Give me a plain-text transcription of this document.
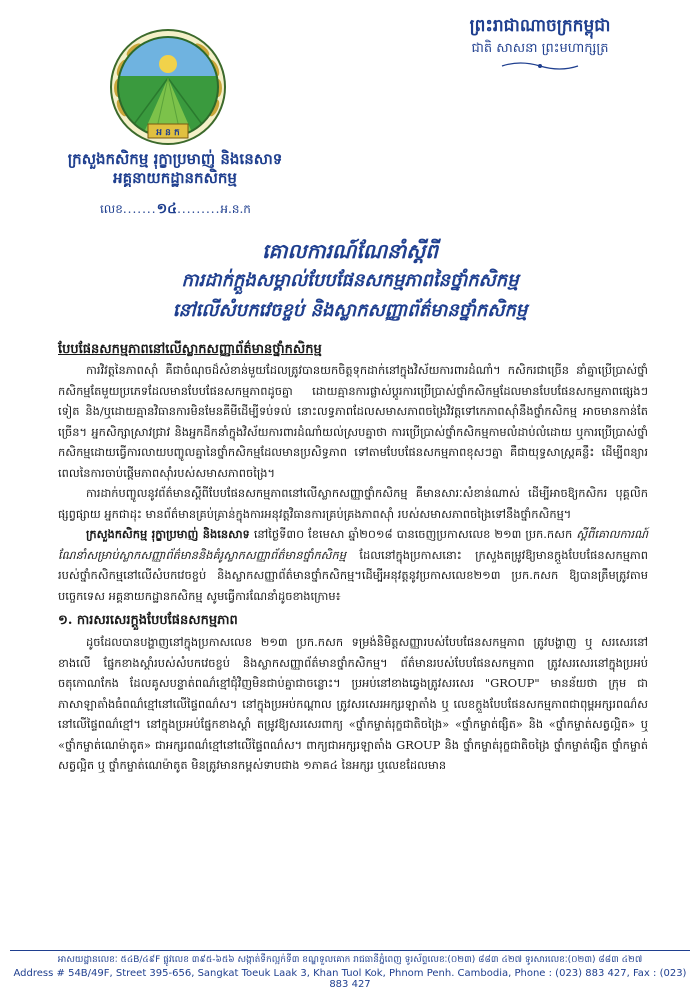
អ ន ក
ក្រសួងកសិកម្ម រុក្ខាប្រមាញ់ និងនេសាទ
អគ្គនាយកដ្ឋានកសិកម្ម
លេខ.......១៤.........អ.ន.ក
ព្រះរាជាណាចក្រកម្ពុជា
ជាតិ សាសនា ព្រះមហាក្សត្រ
គោលការណ៍ណែនាំស្តីពី
ការដាក់ក្ដួងសម្គាល់បែបផែនសកម្មភាពនៃថ្នាំកសិកម្ម
នៅលើសំបកវេចខ្ចប់ និងស្លាកសញ្ញាព័ត៌មានថ្នាំកសិកម្ម
បែបផែនសកម្មភាពនៅលើស្លាកសញ្ញាព័ត៌មានថ្នាំកសិកម្ម

ការវិវត្តនៃភាពស៊ាំ គឺជាចំណុចដ៏សំខាន់មួយដែលត្រូវបានយកចិត្តទុកដាក់នៅក្នុងវិស័យការពារដំណាំ។ កសិករជាច្រើន នាំគ្នាប្រើប្រាស់ថ្នាំកសិកម្មតែមួយប្រភេទដែលមានបែបផែនសកម្មភាពដូចគ្នា ដោយគ្មានការផ្លាស់ប្តូរការប្រើប្រាស់ថ្នាំកសិកម្មដែលមានបែបផែនសកម្មភាពផ្សេងៗទៀត និង/ឬដោយគ្មានវិធានការមិនមែនគីមីដើម្បីទប់ទល់ នោះលទ្ធភាពដែលសមាសភាពចង្រៃវិវត្តទៅកេភាពស៊ាំនឹងថ្នាំកសិកម្ម អាចមានកាន់តែច្រើន។ អ្នកសិក្សាស្រាវជ្រាវ និងអ្នកដឹកនាំក្នុងវិស័យការពារដំណាំយល់ស្របគ្នាថា ការប្រើប្រាស់ថ្នាំកសិកម្មកាមលំដាប់លំដោយ ឬការប្រើប្រាស់ថ្នាំកសិកម្មដោយធ្វើការលាយបញ្ចូលគ្នានៃថ្នាំកសិកម្មដែលមានប្រសិទ្ធភាព ទៅតាមបែបផែនសកម្មភាពខុសៗគ្នា គឺជាយុទ្ធសាស្ត្រគន្លឹះ ដើម្បីពន្យារពេលនៃការចាប់ផ្តើមភាពស៊ាំរបស់សមាសភាពចង្រៃ។

ការដាក់បញ្ចូលនូវព័ត៌មានស្តីពីបែបផែនសកម្មភាពនៅលើស្លាកសញ្ញាថ្នាំកសិកម្ម គឺមានសារៈសំខាន់ណាស់ ដើម្បីអាចឱ្យកសិករ បុគ្គលិកផ្សព្វផ្សាយ អ្នកជាដុះ មានព័ត៌មានគ្រប់គ្រាន់ក្នុងការអនុវត្តវិធានការគ្រប់គ្រងភាពស៊ាំ របស់សមាសភាពចង្រៃទៅនឹងថ្នាំកសិកម្ម។

ក្រសួងកសិកម្ម រុក្ខាប្រមាញ់ និងនេសាទ នៅថ្ងៃទី៣០ ខែមេសា ឆ្នាំ២០១៨ បានចេញប្រកាសលេខ ២១៣ ប្រក.កសក ស្តីពីគោលការណ៍ណែនាំសម្រាប់ស្លាកសញ្ញាព័ត៌មាននិងគំរូស្លាកសញ្ញាព័ត៌មានថ្នាំកសិកម្ម ដែលនៅក្នុងប្រកាសនោះ ក្រសួងតម្រូវឱ្យមានក្ដួងបែបផែនសកម្មភាពរបស់ថ្នាំកសិកម្មនៅលើសំបកវេចខ្ចប់ និងស្លាកសញ្ញាព័ត៌មានថ្នាំកសិកម្ម។ដើម្បីអនុវត្តនូវប្រកាសលេខ២១៣ ប្រក.កសក ឱ្យបានត្រឹមត្រូវតាមបច្ចេកទេស អគ្គនាយកដ្ឋានកសិកម្ម សូមធ្វើការណែនាំដូចខាងក្រោម៖

១. ការសរសេរក្ដួងបែបផែនសកម្មភាព

ដូចដែលបានបង្ហាញនៅក្នុងប្រកាសលេខ ២១៣ ប្រក.កសក ទម្រង់និមិត្តសញ្ញារបស់បែបផែនសកម្មភាព ត្រូវបង្ហាញ ឬ សរសេរនៅខាងលើ ផ្នែកខាងស្តាំរបស់សំបកវេចខ្ចប់ និងស្លាកសញ្ញាព័ត៌មានថ្នាំកសិកម្ម។ ព័ត៌មានរបស់បែបផែនសកម្មភាព ត្រូវសរសេរនៅក្នុងប្រអប់ចតុកោណកែង ដែលគូសបន្ទាត់ពណ៌ខ្មៅជុំវិញមិនជាប់គ្នាជាចន្លោះ។ ប្រអប់នៅខាងឆ្វេងត្រូវសរសេរ "GROUP" មានន័យថា ក្រុម ជាភាសាឡាតាំងធំពណ៌ខ្មៅនៅលើផ្ទៃពណ៌ស។ នៅក្នុងប្រអប់កណ្តាល ត្រូវសរសេរអក្សរឡាតាំង ឬ លេខក្ដួងបែបផែនសកម្មភាពជាពុម្ពអក្សរពណ៌សនៅលើផ្ទៃពណ៌ខ្មៅ។ នៅក្នុងប្រអប់ផ្នែកខាងស្តាំ តម្រូវឱ្យសរសេរពាក្យ «ថ្នាំកម្ចាត់រុក្ខជាតិចង្រៃ» «ថ្នាំកម្ចាត់ផ្សិត» និង «ថ្នាំកម្ចាត់សត្វល្អិត» ឬ «ថ្នាំកម្ចាត់ណេម៉ាតូត» ជាអក្សរពណ៌ខ្មៅនៅលើផ្ទៃពណ៌ស។ ពាក្យជាអក្សរឡាតាំង GROUP និង ថ្នាំកម្ចាត់រុក្ខជាតិចង្រៃ ថ្នាំកម្ចាត់ផ្សិត ថ្នាំកម្ចាត់សត្វល្អិត ឬ ថ្នាំកម្ចាត់ណេម៉ាតូត មិនត្រូវមានកម្ពស់ទាបជាង ១ភាគ៤ នៃអក្សរ ឬលេខដែលមាន

អាសយដ្ឋានលេខៈ ៥៤B/៤៩F ផ្លូវលេខ ៣៩៥-៦៥៦ សង្កាត់ទឹកល្អក់ទី៣ ខណ្ឌទួលគោក រាជធានីភ្នំពេញ ទូរស័ព្ទលេខៈ(០២៣) ៨៨៣ ៤២៧ ទូរសារលេខៈ(០២៣) ៨៨៣ ៤២៧
Address # 54B/49F, Street 395-656, Sangkat Toeuk Laak 3, Khan Tuol Kok, Phnom Penh. Cambodia, Phone : (023) 883 427, Fax : (023) 883 427
